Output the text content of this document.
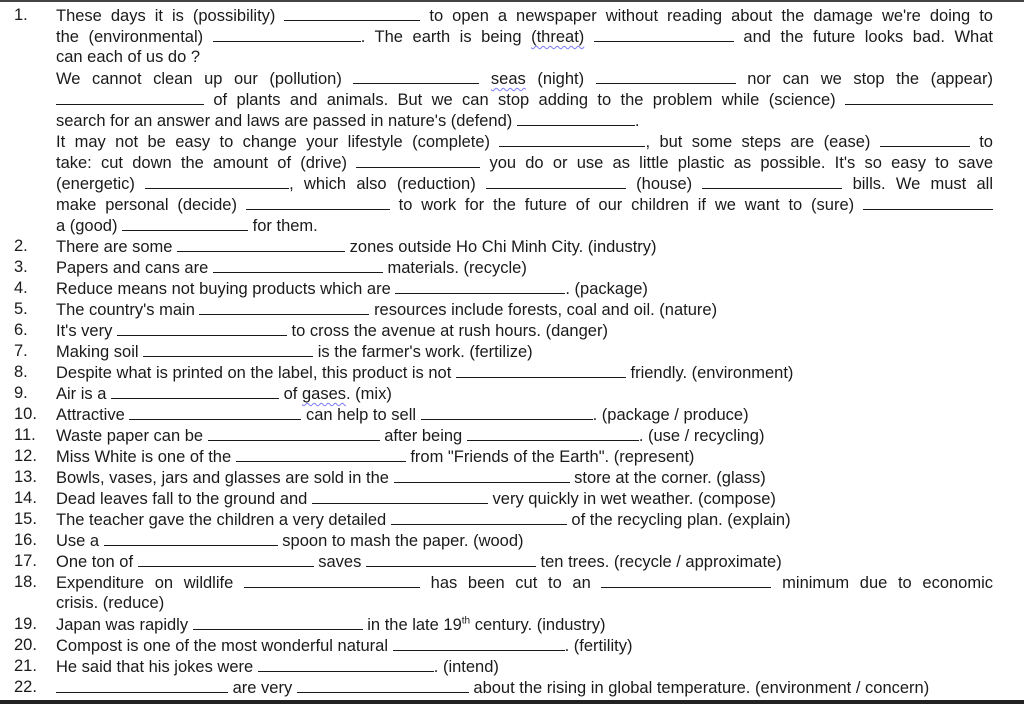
1. These days it is (possibility)	to open a newspaper without reading about the damage we're doing to
the (environmental)	. The earth is being (threat)	and the future looks bad. What
can each of us do ?
We cannot clean up our (pollution)	seas (night)	nor can we stop the (appear)
of plants and animals. But we can stop adding to the problem while (science)
search for an answer and laws are passed in nature's (defend)	.
It may not be easy to change your lifestyle (complete)	, but some steps are (ease)	to
take: cut down the amount of (drive)	you do or use as little plastic as possible. It's so easy to save
(energetic)	, which also (reduction)	(house)	bills. We must all
make personal (decide)	to work for the future of our children if we want to (sure)
a (good)	for them.
2. There are some	zones outside Ho Chi Minh City. (industry)
3. Papers and cans are	materials. (recycle)
4. Reduce means not buying products which are	. (package)
5. The country's main	resources include forests, coal and oil. (nature)
6. It's very	to cross the avenue at rush hours. (danger)
7. Making soil	is the farmer's work. (fertilize)
8. Despite what is printed on the label, this product is not	friendly. (environment)
9. Air is a	of gases. (mix)
10. Attractive	can help to sell	. (package / produce)
11. Waste paper can be	after being	. (use / recycling)
12. Miss White is one of the	from "Friends of the Earth". (represent)
13. Bowls, vases, jars and glasses are sold in the	store at the corner. (glass)
14. Dead leaves fall to the ground and	very quickly in wet weather. (compose)
15. The teacher gave the children a very detailed	of the recycling plan. (explain)
16. Use a	spoon to mash the paper. (wood)
17. One ton of	saves	ten trees. (recycle / approximate)
18. Expenditure on wildlife	has been cut to an	minimum due to economic
crisis. (reduce)
19. Japan was rapidly	in the late 19th century. (industry)
20. Compost is one of the most wonderful natural	. (fertility)
21. He said that his jokes were	. (intend)
22.	are very	about the rising in global temperature. (environment / concern)
